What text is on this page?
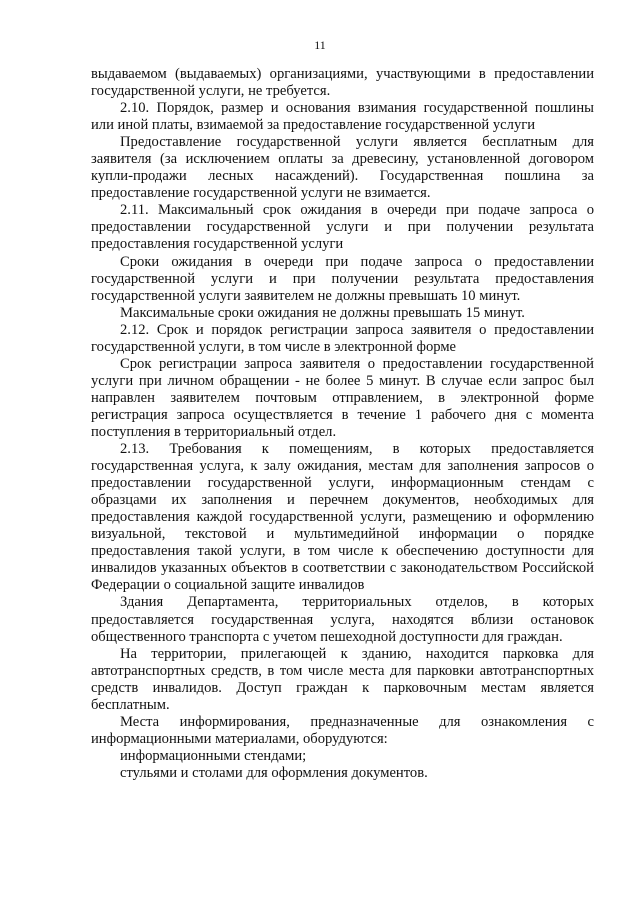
11

выдаваемом (выдаваемых) организациями, участвующими в предоставлении государственной услуги, не требуется.

2.10. Порядок, размер и основания взимания государственной пошлины или иной платы, взимаемой за предоставление государственной услуги

Предоставление государственной услуги является бесплатным для заявителя (за исключением оплаты за древесину, установленной договором купли-продажи лесных насаждений). Государственная пошлина за предоставление государственной услуги не взимается.

2.11. Максимальный срок ожидания в очереди при подаче запроса о предоставлении государственной услуги и при получении результата предоставления государственной услуги

Сроки ожидания в очереди при подаче запроса о предоставлении государственной услуги и при получении результата предоставления государственной услуги заявителем не должны превышать 10 минут.

Максимальные сроки ожидания не должны превышать 15 минут.

2.12. Срок и порядок регистрации запроса заявителя о предоставлении государственной услуги, в том числе в электронной форме

Срок регистрации запроса заявителя о предоставлении государственной услуги при личном обращении - не более 5 минут. В случае если запрос был направлен заявителем почтовым отправлением, в электронной форме регистрация запроса осуществляется в течение 1 рабочего дня с момента поступления в территориальный отдел.

2.13. Требования к помещениям, в которых предоставляется государственная услуга, к залу ожидания, местам для заполнения запросов о предоставлении государственной услуги, информационным стендам с образцами их заполнения и перечнем документов, необходимых для предоставления каждой государственной услуги, размещению и оформлению визуальной, текстовой и мультимедийной информации о порядке предоставления такой услуги, в том числе к обеспечению доступности для инвалидов указанных объектов в соответствии с законодательством Российской Федерации о социальной защите инвалидов

Здания Департамента, территориальных отделов, в которых предоставляется государственная услуга, находятся вблизи остановок общественного транспорта с учетом пешеходной доступности для граждан.

На территории, прилегающей к зданию, находится парковка для автотранспортных средств, в том числе места для парковки автотранспортных средств инвалидов. Доступ граждан к парковочным местам является бесплатным.

Места информирования, предназначенные для ознакомления с информационными материалами, оборудуются:

информационными стендами;

стульями и столами для оформления документов.
